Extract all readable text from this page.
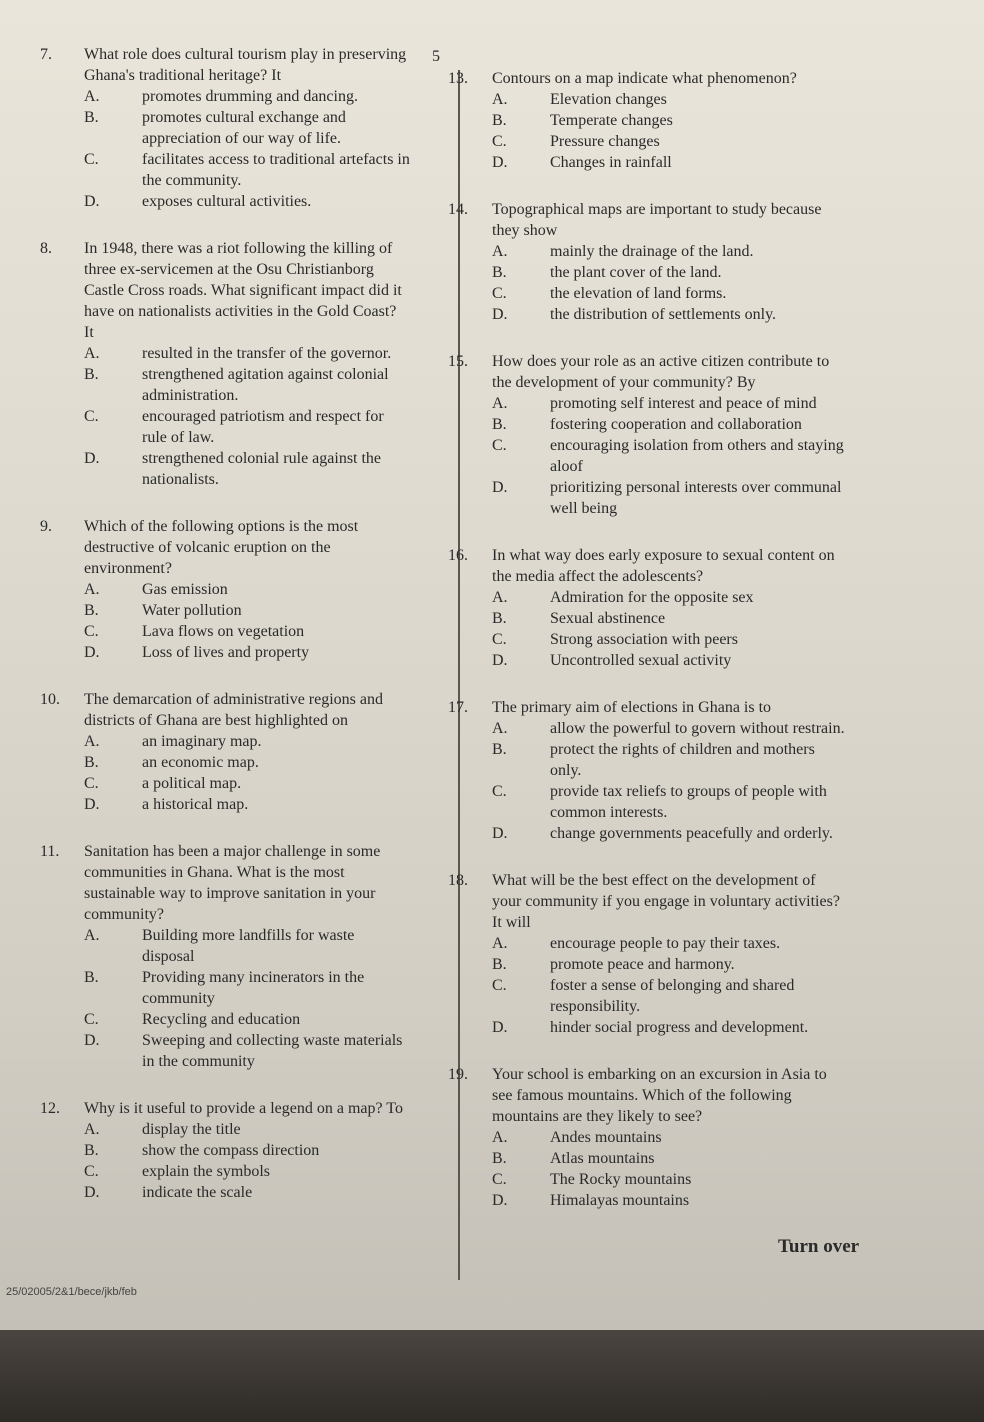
5
7.	What role does cultural tourism play in preserving Ghana's traditional heritage? It
A.	promotes drumming and dancing.
B.	promotes cultural exchange and appreciation of our way of life.
C.	facilitates access to traditional artefacts in the community.
D.	exposes cultural activities.
8.	In 1948, there was a riot following the killing of three ex-servicemen at the Osu Christianborg Castle Cross roads. What significant impact did it have on nationalists activities in the Gold Coast? It
A.	resulted in the transfer of the governor.
B.	strengthened agitation against colonial administration.
C.	encouraged patriotism and respect for rule of law.
D.	strengthened colonial rule against the nationalists.
9.	Which of the following options is the most destructive of volcanic eruption on the environment?
A.	Gas emission
B.	Water pollution
C.	Lava flows on vegetation
D.	Loss of lives and property
10.	The demarcation of administrative regions and districts of Ghana are best highlighted on
A.	an imaginary map.
B.	an economic map.
C.	a political map.
D.	a historical map.
11.	Sanitation has been a major challenge in some communities in Ghana. What is the most sustainable way to improve sanitation in your community?
A.	Building more landfills for waste disposal
B.	Providing many incinerators in the community
C.	Recycling and education
D.	Sweeping and collecting waste materials in the community
12.	Why is it useful to provide a legend on a map? To
A.	display the title
B.	show the compass direction
C.	explain the symbols
D.	indicate the scale
13.	Contours on a map indicate what phenomenon?
A.	Elevation changes
B.	Temperate changes
C.	Pressure changes
D.	Changes in rainfall
14.	Topographical maps are important to study because they show
A.	mainly the drainage of the land.
B.	the plant cover of the land.
C.	the elevation of land forms.
D.	the distribution of settlements only.
15.	How does your role as an active citizen contribute to the development of your community? By
A.	promoting self interest and peace of mind
B.	fostering cooperation and collaboration
C.	encouraging isolation from others and staying aloof
D.	prioritizing personal interests over communal well being
16.	In what way does early exposure to sexual content on the media affect the adolescents?
A.	Admiration for the opposite sex
B.	Sexual abstinence
C.	Strong association with peers
D.	Uncontrolled sexual activity
17.	The primary aim of elections in Ghana is to
A.	allow the powerful to govern without restrain.
B.	protect the rights of children and mothers only.
C.	provide tax reliefs to groups of people with common interests.
D.	change governments peacefully and orderly.
18.	What will be the best effect on the development of your community if you engage in voluntary activities? It will
A.	encourage people to pay their taxes.
B.	promote peace and harmony.
C.	foster a sense of belonging and shared responsibility.
D.	hinder social progress and development.
19.	Your school is embarking on an excursion in Asia to see famous mountains. Which of the following mountains are they likely to see?
A.	Andes mountains
B.	Atlas mountains
C.	The Rocky mountains
D.	Himalayas mountains
Turn over
25/02005/2&1/bece/jkb/feb
